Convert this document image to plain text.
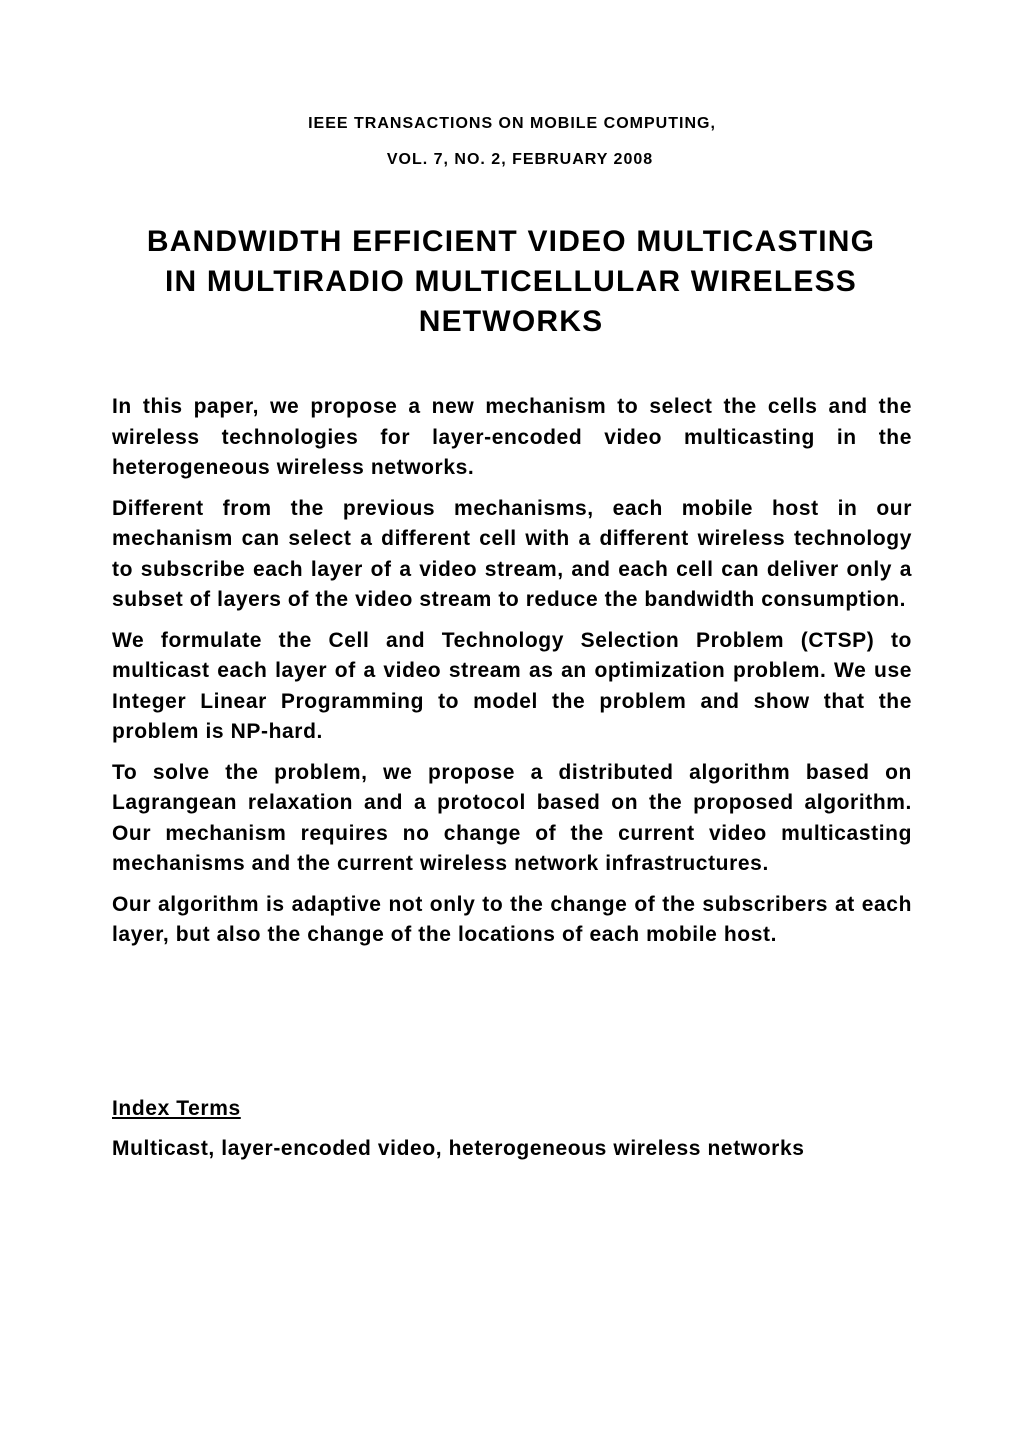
IEEE TRANSACTIONS ON MOBILE COMPUTING,
VOL. 7, NO. 2, FEBRUARY 2008
BANDWIDTH EFFICIENT VIDEO MULTICASTING
IN MULTIRADIO MULTICELLULAR WIRELESS
NETWORKS

In this paper, we propose a new mechanism to select the cells and the wireless technologies for layer-encoded video multicasting in the heterogeneous wireless networks.

Different from the previous mechanisms, each mobile host in our mechanism can select a different cell with a different wireless technology to subscribe each layer of a video stream, and each cell can deliver only a subset of layers of the video stream to reduce the bandwidth consumption.

We formulate the Cell and Technology Selection Problem (CTSP) to multicast each layer of a video stream as an optimization problem. We use Integer Linear Programming to model the problem and show that the problem is NP-hard.

To solve the problem, we propose a distributed algorithm based on Lagrangean relaxation and a protocol based on the proposed algorithm. Our mechanism requires no change of the current video multicasting mechanisms and the current wireless network infrastructures.

Our algorithm is adaptive not only to the change of the subscribers at each layer, but also the change of the locations of each mobile host.

Index Terms
Multicast, layer-encoded video, heterogeneous wireless networks
